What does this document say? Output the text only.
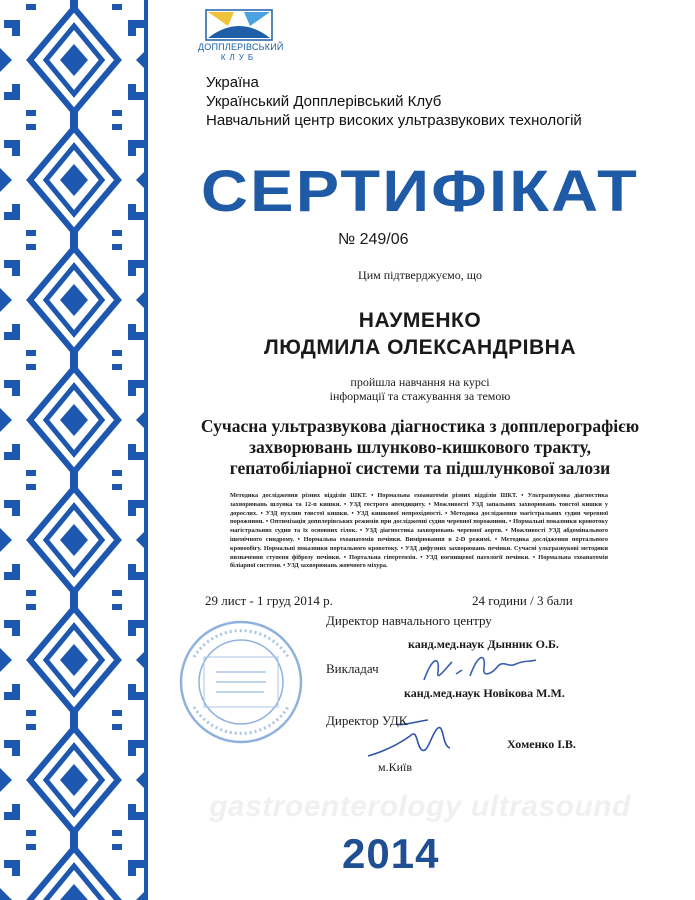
ДОППЛЕРІВСЬКИЙ
КЛУБ
Україна
Український Допплерівський Клуб
Навчальний центр високих ультразвукових технологій
СЕРТИФІКАТ
№ 249/06
Цим підтверджуємо, що
НАУМЕНКО
ЛЮДМИЛА ОЛЕКСАНДРІВНА
пройшла навчання на курсі
інформації та стажування за темою
Сучасна ультразвукова діагностика з допплерографією
захворювань шлунково-кишкового тракту,
гепатобіліарної системи та підшлункової залози
Методика дослідження різних відділів ШКТ. • Нормальна ехоанатомія різних відділів ШКТ. • Ультразвукова діагностика захворювань шлунка та 12-п кишки. • УЗД гострого апендициту. • Можливості УЗД запальних захворювань товстої кишки у дорослих. • УЗД пухлин товстої кишки. • УЗД кишкової непрохідності. • Методика дослідження магістральних судин черевної порожнини. • Оптимізація допплерівських режимів при дослідженні судин черевної порожнини. • Нормальні показники кровотоку магістральних судин та їх основних гілок. • УЗД діагностика захворювань черевної аорти. • Можливості УЗД абдомінального ішемічного синдрому. • Нормальна ехоанатомія печінки. Вимірювання в 2-D режимі. • Методика дослідження портального кровообігу. Нормальні показники портального кровотоку. • УЗД дифузних захворювань печінки. Сучасні ультразвукові методики визначення ступеня фіброзу печінки. • Портальна гіпертензія. • УЗД вогнищевої патології печінки. • Нормальна ехоанатомія біліарної системи. • УЗД захворювань жовчного міхура.
29 лист - 1 груд 2014 р.	24 години / 3 бали
Директор навчального центру
канд.мед.наук Дынник О.Б.
Викладач
канд.мед.наук Новікова М.М.
Директор УДК
Хоменко І.В.
м.Київ
gastroenterology ultrasound
2014
